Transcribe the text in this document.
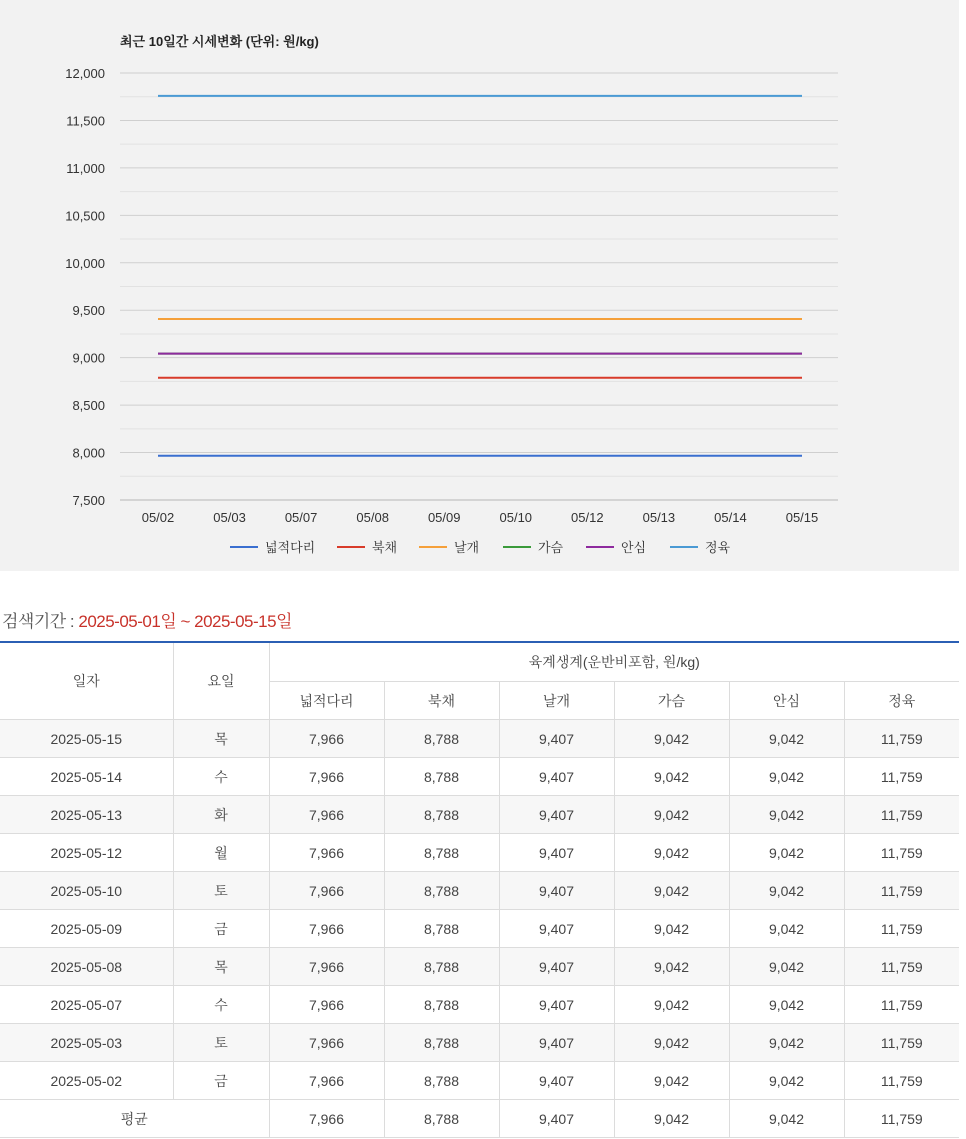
최근 10일간 시세변화 (단위: 원/kg)
7,500
8,000
8,500
9,000
9,500
10,000
10,500
11,000
11,500
12,000
05/02	05/03	05/07	05/08	05/09	05/10	05/12	05/13	05/14	05/15
넓적다리	북채	날개	가슴	안심	정육
검색기간 : 2025-05-01일 ~ 2025-05-15일
일자	요일	육계생계(운반비포함, 원/kg)					
		넓적다리	북채	날개	가슴	안심	정육
2025-05-15	목	7,966	8,788	9,407	9,042	9,042	11,759
2025-05-14	수	7,966	8,788	9,407	9,042	9,042	11,759
2025-05-13	화	7,966	8,788	9,407	9,042	9,042	11,759
2025-05-12	월	7,966	8,788	9,407	9,042	9,042	11,759
2025-05-10	토	7,966	8,788	9,407	9,042	9,042	11,759
2025-05-09	금	7,966	8,788	9,407	9,042	9,042	11,759
2025-05-08	목	7,966	8,788	9,407	9,042	9,042	11,759
2025-05-07	수	7,966	8,788	9,407	9,042	9,042	11,759
2025-05-03	토	7,966	8,788	9,407	9,042	9,042	11,759
2025-05-02	금	7,966	8,788	9,407	9,042	9,042	11,759
평균		7,966	8,788	9,407	9,042	9,042	11,759
